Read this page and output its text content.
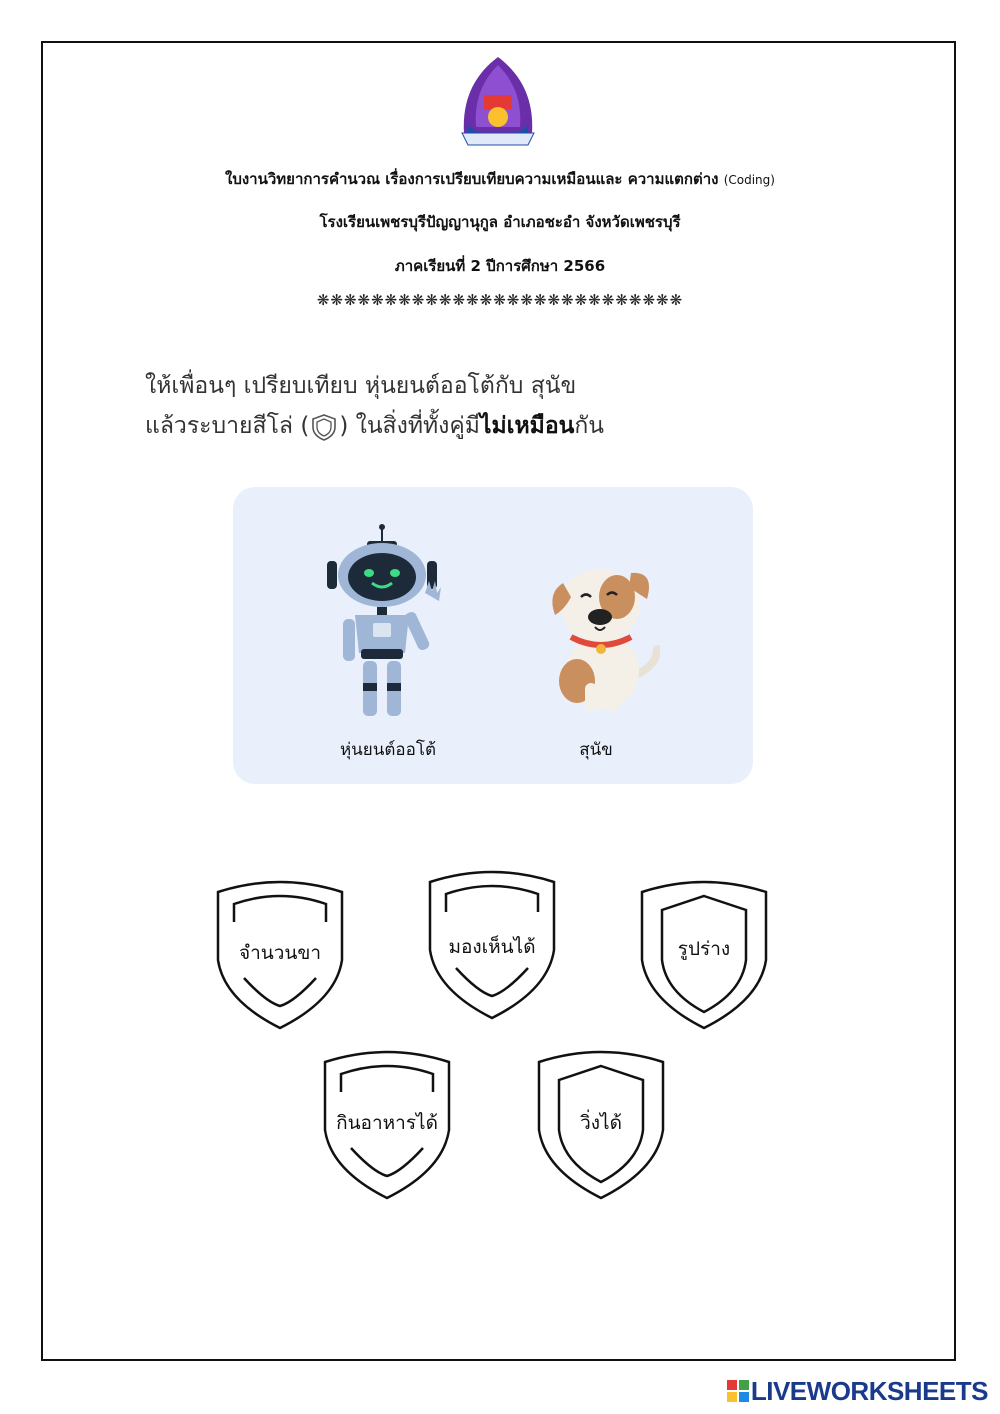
ใบงานวิทยาการคำนวณ เรื่องการเปรียบเทียบความเหมือนและ ความแตกต่าง (Coding)
โรงเรียนเพชรบุรีปัญญานุกูล อำเภอชะอำ จังหวัดเพชรบุรี
ภาคเรียนที่ 2 ปีการศึกษา 2566
❋❋❋❋❋❋❋❋❋❋❋❋❋❋❋❋❋❋❋❋❋❋❋❋❋❋❋
ให้เพื่อนๆ เปรียบเทียบ หุ่นยนต์ออโต้กับ สุนัข
แล้วระบายสีโล่ ( ) ในสิ่งที่ทั้งคู่มีไม่เหมือนกัน
หุ่นยนต์ออโต้	สุนัข
จำนวนขา	มองเห็นได้	รูปร่าง
กินอาหารได้	วิ่งได้
LIVEWORKSHEETS
